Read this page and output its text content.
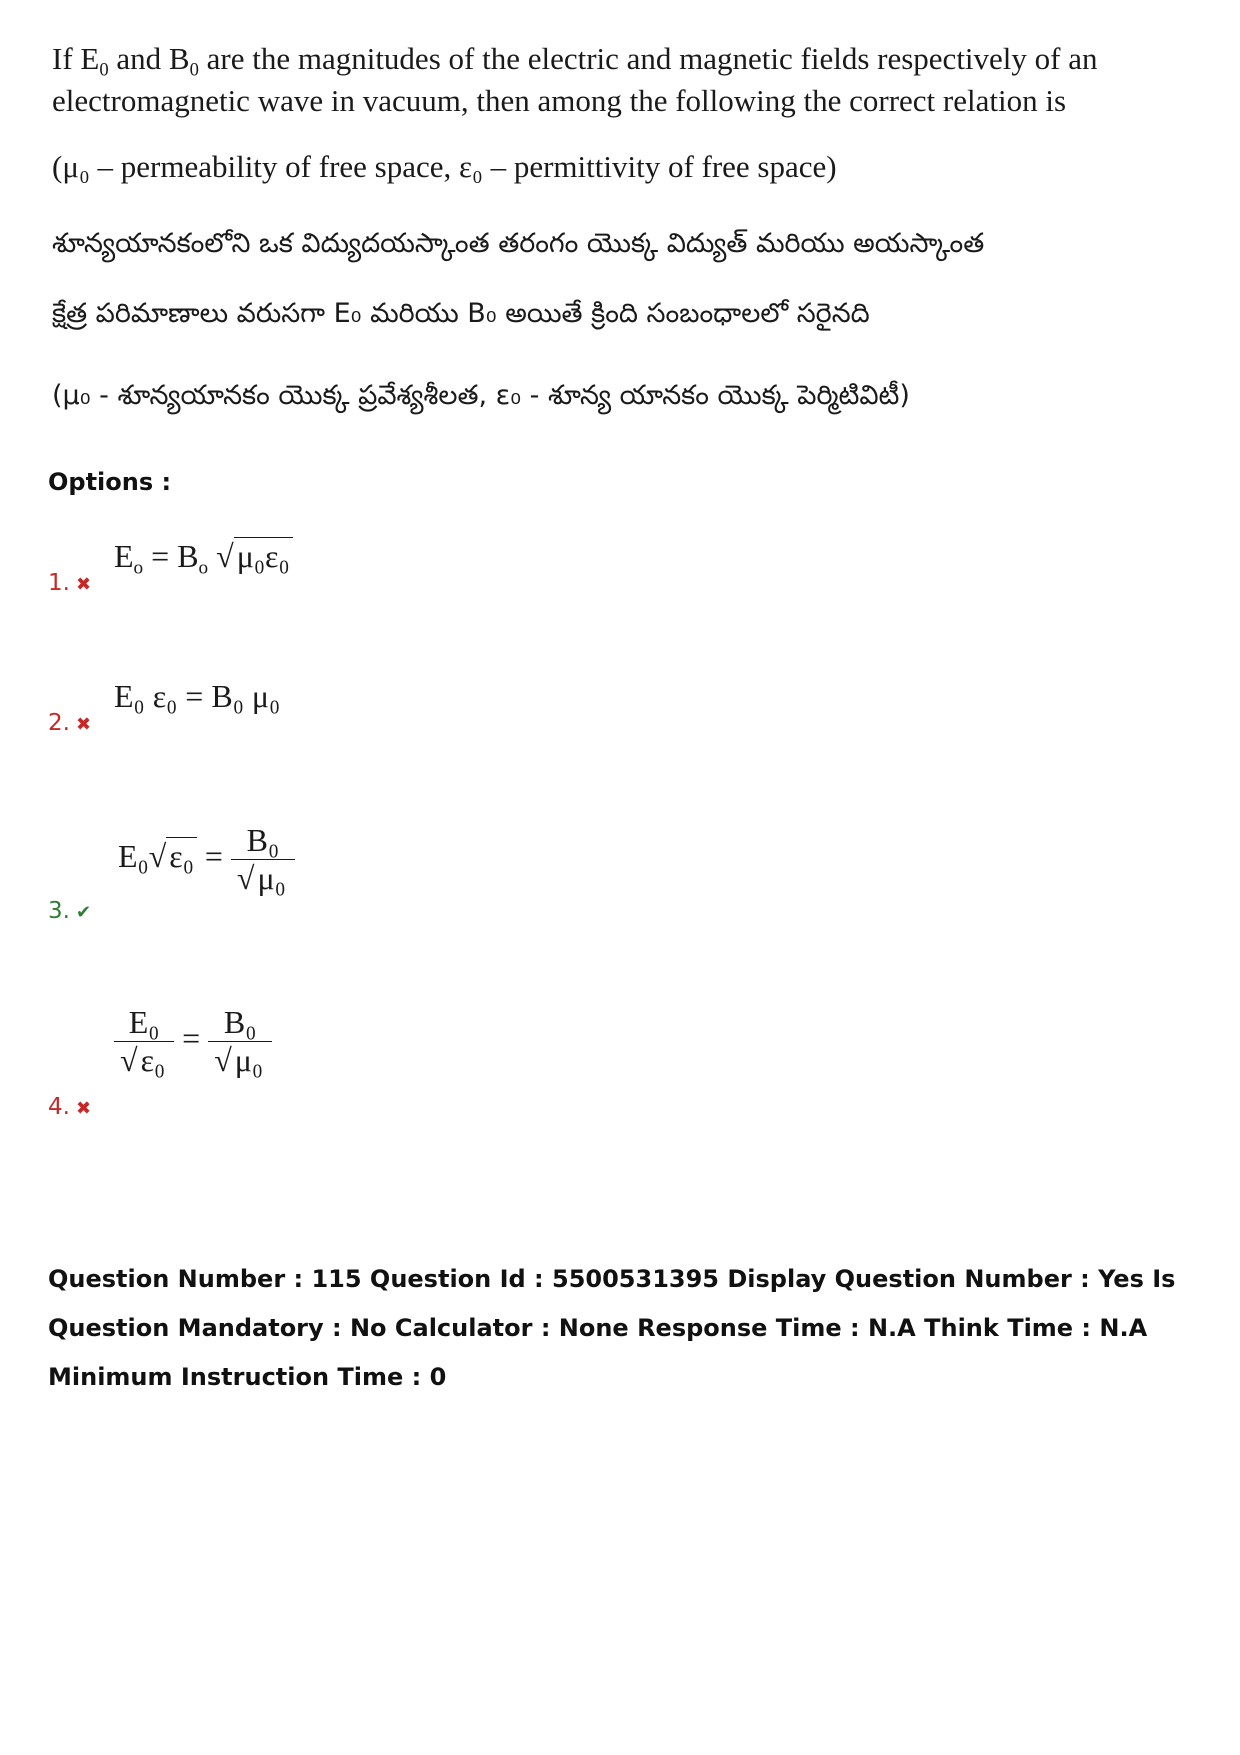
If $E_0$ and $B_0$ are the magnitudes of the electric and magnetic fields respectively of an
electromagnetic wave in vacuum, then among the following the correct relation is
(μ₀ – permeability of free space, ε₀ – permittivity of free space)
శూన్యయానకంలోని ఒక విద్యుదయస్కాంత తరంగం యొక్క విద్యుత్ మరియు అయస్కాంత
క్షేత్ర పరిమాణాలు వరుసగా E₀ మరియు B₀ అయితే క్రింది సంబంధాలలో సరైనది
(μ₀ - శూన్యయానకం యొక్క ప్రవేశ్యశీలత, ε₀ - శూన్య యానకం యొక్క పెర్మిటివిటీ)
Options :
1. ✖
$E_o = B_o$ √μ₀ε₀
2. ✖
E₀ ε₀ = B₀ μ₀
3. ✔
$E_0√\varepsilon_0 = \frac{\text{B₀}}{\text{√μ₀}}$
4. ✖
$\frac{\text{E₀}}{\text{√ε₀}} = \frac{\text{B₀}}{\text{√μ₀}}$
Question Number : 115 Question Id : 5500531395 Display Question Number : Yes Is Question Mandatory : No Calculator : None Response Time : N.A Think Time : N.A Minimum Instruction Time : 0
